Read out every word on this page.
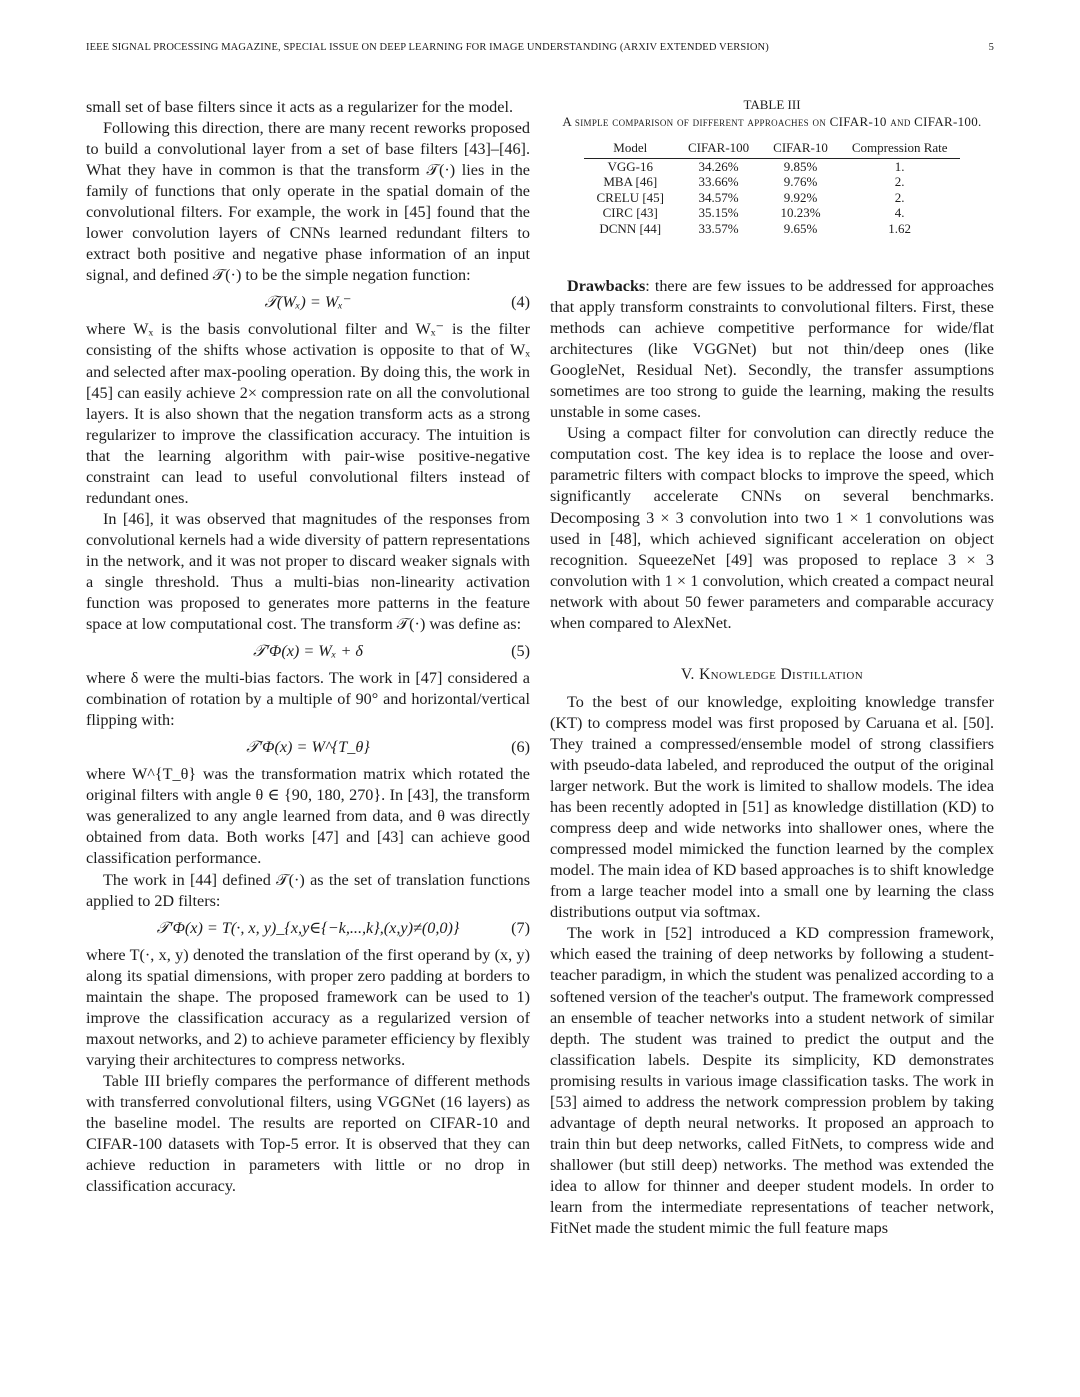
IEEE SIGNAL PROCESSING MAGAZINE, SPECIAL ISSUE ON DEEP LEARNING FOR IMAGE UNDERSTANDING (ARXIV EXTENDED VERSION)	5

small set of base filters since it acts as a regularizer for the model.

Following this direction, there are many recent reworks proposed to build a convolutional layer from a set of base filters [43]–[46]. What they have in common is that the transform 𝒯(·) lies in the family of functions that only operate in the spatial domain of the convolutional filters. For example, the work in [45] found that the lower convolution layers of CNNs learned redundant filters to extract both positive and negative phase information of an input signal, and defined 𝒯(·) to be the simple negation function:

𝒯(Wₓ) = Wₓ⁻	(4)

where Wₓ is the basis convolutional filter and Wₓ⁻ is the filter consisting of the shifts whose activation is opposite to that of Wₓ and selected after max-pooling operation. By doing this, the work in [45] can easily achieve 2× compression rate on all the convolutional layers. It is also shown that the negation transform acts as a strong regularizer to improve the classification accuracy. The intuition is that the learning algorithm with pair-wise positive-negative constraint can lead to useful convolutional filters instead of redundant ones.

In [46], it was observed that magnitudes of the responses from convolutional kernels had a wide diversity of pattern representations in the network, and it was not proper to discard weaker signals with a single threshold. Thus a multi-bias non-linearity activation function was proposed to generates more patterns in the feature space at low computational cost. The transform 𝒯(·) was define as:

𝒯′Φ(x) = Wₓ + δ	(5)

where δ were the multi-bias factors. The work in [47] considered a combination of rotation by a multiple of 90° and horizontal/vertical flipping with:

𝒯′Φ(x) = W^{T_θ}	(6)

where W^{T_θ} was the transformation matrix which rotated the original filters with angle θ ∈ {90, 180, 270}. In [43], the transform was generalized to any angle learned from data, and θ was directly obtained from data. Both works [47] and [43] can achieve good classification performance.

The work in [44] defined 𝒯(·) as the set of translation functions applied to 2D filters:

𝒯′Φ(x) = T(·, x, y)_{x,y∈{−k,...,k},(x,y)≠(0,0)}	(7)

where T(·, x, y) denoted the translation of the first operand by (x, y) along its spatial dimensions, with proper zero padding at borders to maintain the shape. The proposed framework can be used to 1) improve the classification accuracy as a regularized version of maxout networks, and 2) to achieve parameter efficiency by flexibly varying their architectures to compress networks.

Table III briefly compares the performance of different methods with transferred convolutional filters, using VGGNet (16 layers) as the baseline model. The results are reported on CIFAR-10 and CIFAR-100 datasets with Top-5 error. It is observed that they can achieve reduction in parameters with little or no drop in classification accuracy.

TABLE III
A simple comparison of different approaches on CIFAR-10 and CIFAR-100.
Model	CIFAR-100	CIFAR-10	Compression Rate
VGG-16	34.26%	9.85%	1.
MBA [46]	33.66%	9.76%	2.
CRELU [45]	34.57%	9.92%	2.
CIRC [43]	35.15%	10.23%	4.
DCNN [44]	33.57%	9.65%	1.62

Drawbacks: there are few issues to be addressed for approaches that apply transform constraints to convolutional filters. First, these methods can achieve competitive performance for wide/flat architectures (like VGGNet) but not thin/deep ones (like GoogleNet, Residual Net). Secondly, the transfer assumptions sometimes are too strong to guide the learning, making the results unstable in some cases.

Using a compact filter for convolution can directly reduce the computation cost. The key idea is to replace the loose and over-parametric filters with compact blocks to improve the speed, which significantly accelerate CNNs on several benchmarks. Decomposing 3 × 3 convolution into two 1 × 1 convolutions was used in [48], which achieved significant acceleration on object recognition. SqueezeNet [49] was proposed to replace 3 × 3 convolution with 1 × 1 convolution, which created a compact neural network with about 50 fewer parameters and comparable accuracy when compared to AlexNet.

V. Knowledge Distillation

To the best of our knowledge, exploiting knowledge transfer (KT) to compress model was first proposed by Caruana et al. [50]. They trained a compressed/ensemble model of strong classifiers with pseudo-data labeled, and reproduced the output of the original larger network. But the work is limited to shallow models. The idea has been recently adopted in [51] as knowledge distillation (KD) to compress deep and wide networks into shallower ones, where the compressed model mimicked the function learned by the complex model. The main idea of KD based approaches is to shift knowledge from a large teacher model into a small one by learning the class distributions output via softmax.

The work in [52] introduced a KD compression framework, which eased the training of deep networks by following a student-teacher paradigm, in which the student was penalized according to a softened version of the teacher's output. The framework compressed an ensemble of teacher networks into a student network of similar depth. The student was trained to predict the output and the classification labels. Despite its simplicity, KD demonstrates promising results in various image classification tasks. The work in [53] aimed to address the network compression problem by taking advantage of depth neural networks. It proposed an approach to train thin but deep networks, called FitNets, to compress wide and shallower (but still deep) networks. The method was extended the idea to allow for thinner and deeper student models. In order to learn from the intermediate representations of teacher network, FitNet made the student mimic the full feature maps
